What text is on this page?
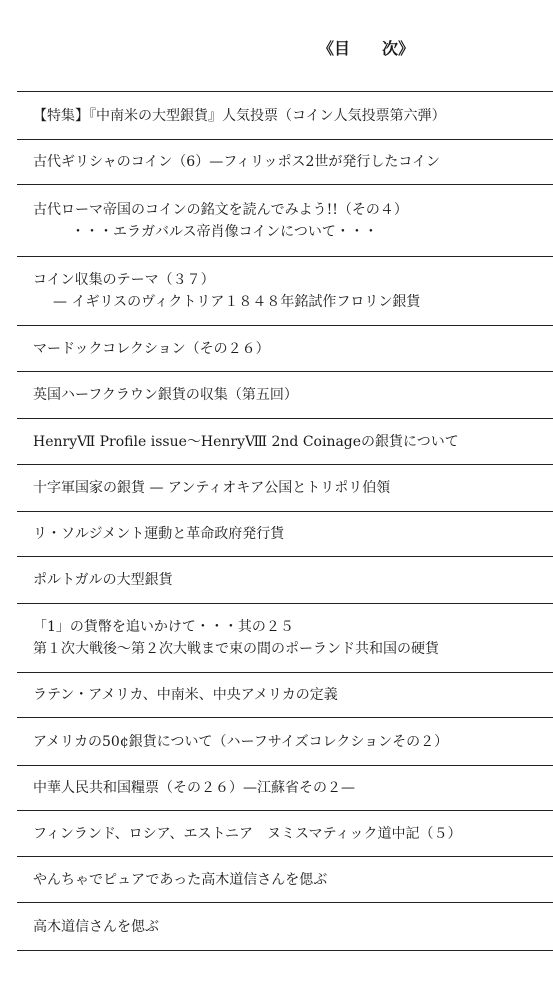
《目　　次》
【特集】『中南米の大型銀貨』人気投票（コイン人気投票第六弾）
古代ギリシャのコイン（6）—フィリッポス2世が発行したコイン
古代ローマ帝国のコインの銘文を読んでみよう!!（その４）
・・・エラガバルス帝肖像コインについて・・・
コイン収集のテーマ（３７）
— イギリスのヴィクトリア１８４８年銘試作フロリン銀貨
マードックコレクション（その２６）
英国ハーフクラウン銀貨の収集（第五回）
HenryⅦ Profile issue～HenryⅧ 2nd Coinageの銀貨について
十字軍国家の銀貨 — アンティオキア公国とトリポリ伯領
リ・ソルジメント運動と革命政府発行貨
ポルトガルの大型銀貨
「1」の貨幣を追いかけて・・・其の２５
第１次大戦後～第２次大戦まで束の間のポーランド共和国の硬貨
ラテン・アメリカ、中南米、中央アメリカの定義
アメリカの50¢銀貨について（ハーフサイズコレクションその２）
中華人民共和国糧票（その２６）—江蘇省その２—
フィンランド、ロシア、エストニア　ヌミスマティック道中記（５）
やんちゃでピュアであった高木道信さんを偲ぶ
高木道信さんを偲ぶ
